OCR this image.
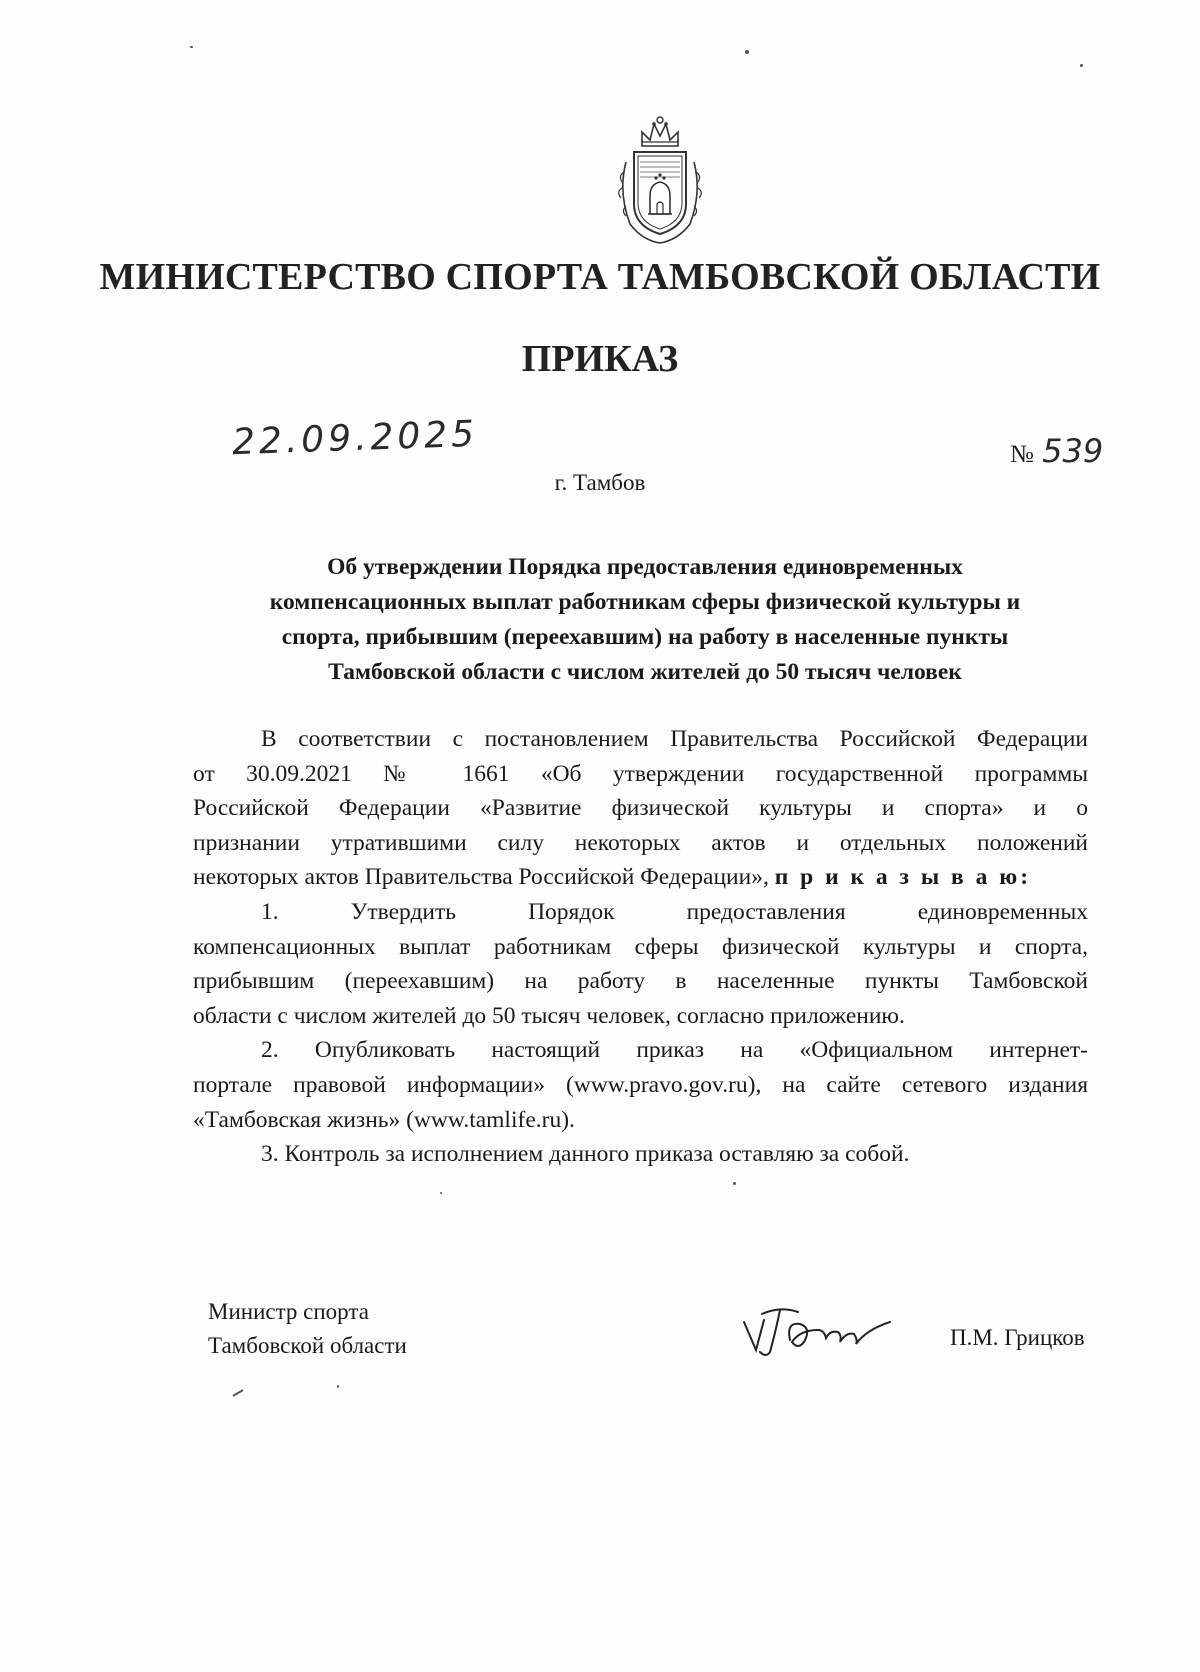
МИНИСТЕРСТВО СПОРТА ТАМБОВСКОЙ ОБЛАСТИ
ПРИКАЗ
22.09.2025	№ 539
г. Тамбов
Об утверждении Порядка предоставления единовременных
компенсационных выплат работникам сферы физической культуры и
спорта, прибывшим (переехавшим) на работу в населенные пункты
Тамбовской области с числом жителей до 50 тысяч человек
В соответствии с постановлением Правительства Российской Федерации
от 30.09.2021 № 1661 «Об утверждении государственной программы
Российской Федерации «Развитие физической культуры и спорта» и о
признании утратившими силу некоторых актов и отдельных положений
некоторых актов Правительства Российской Федерации», п р и к а з ы в а ю:
1. Утвердить Порядок предоставления единовременных
компенсационных выплат работникам сферы физической культуры и спорта,
прибывшим (переехавшим) на работу в населенные пункты Тамбовской
области с числом жителей до 50 тысяч человек, согласно приложению.
2. Опубликовать настоящий приказ на «Официальном интернет-
портале правовой информации» (www.pravo.gov.ru), на сайте сетевого издания
«Тамбовская жизнь» (www.tamlife.ru).
3. Контроль за исполнением данного приказа оставляю за собой.
Министр спорта
Тамбовской области	П.М. Грицков
